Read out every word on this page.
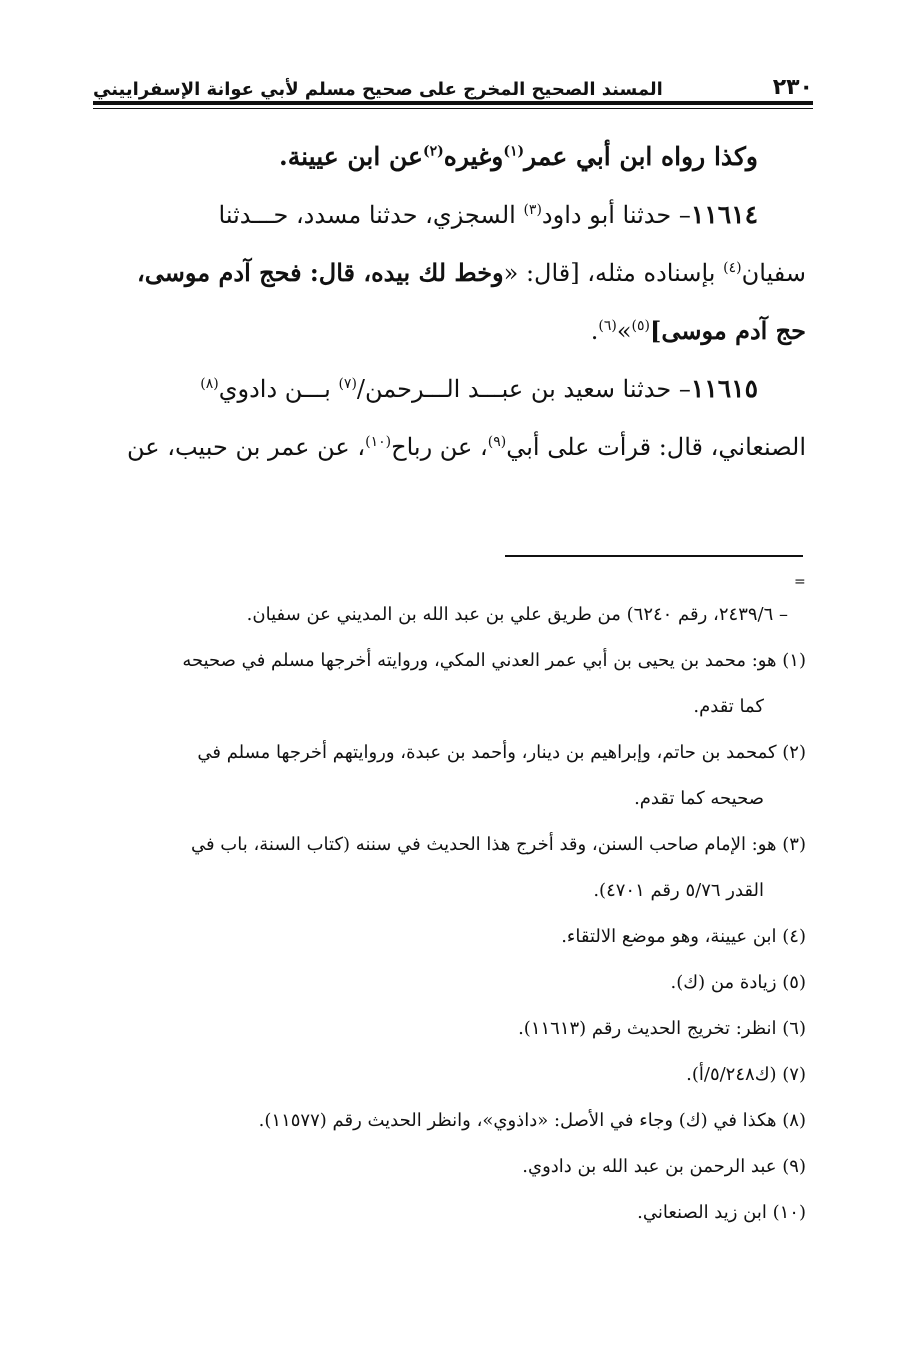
٢٣٠
المسند الصحيح المخرج على صحيح مسلم لأبي عوانة الإسفراييني
وكذا رواه ابن أبي عمر$^{(١)}$وغيره$^{(٢)}$عن ابن عيينة.
١١٦١٤– حدثنا أبو داود$^{(٣)}$ السجزي، حدثنا مسدد، حـــدثنا
سفيان$^{(٤)}$ بإسناده مثله، [قال: «وخط لك بيده، قال: فحج آدم موسى،
حج آدم موسى]$^{(٥)}$»$^{(٦)}$.
١١٦١٥– حدثنا سعيد بن عبـــد الـــرحمن/$^{(٧)}$ بـــن دادوي$^{(٨)}$
الصنعاني، قال: قرأت على أبي$^{(٩)}$، عن رباح$^{(١٠)}$، عن عمر بن حبيب، عن
=
– ٢٤٣٩/٦، رقم ٦٢٤٠) من طريق علي بن عبد الله بن المديني عن سفيان.
(١) هو: محمد بن يحيى بن أبي عمر العدني المكي، وروايته أخرجها مسلم في صحيحه
كما تقدم.
(٢) كمحمد بن حاتم، وإبراهيم بن دينار، وأحمد بن عبدة، وروايتهم أخرجها مسلم في
صحيحه كما تقدم.
(٣) هو: الإمام صاحب السنن، وقد أخرج هذا الحديث في سننه (كتاب السنة، باب في
القدر ٥/٧٦ رقم ٤٧٠١).
(٤) ابن عيينة، وهو موضع الالتقاء.
(٥) زيادة من (ك).
(٦) انظر: تخريج الحديث رقم (١١٦١٣).
(٧) (ك٥/٢٤٨/أ).
(٨) هكذا في (ك) وجاء في الأصل: «داذوي»، وانظر الحديث رقم (١١٥٧٧).
(٩) عبد الرحمن بن عبد الله بن دادوي.
(١٠) ابن زيد الصنعاني.
